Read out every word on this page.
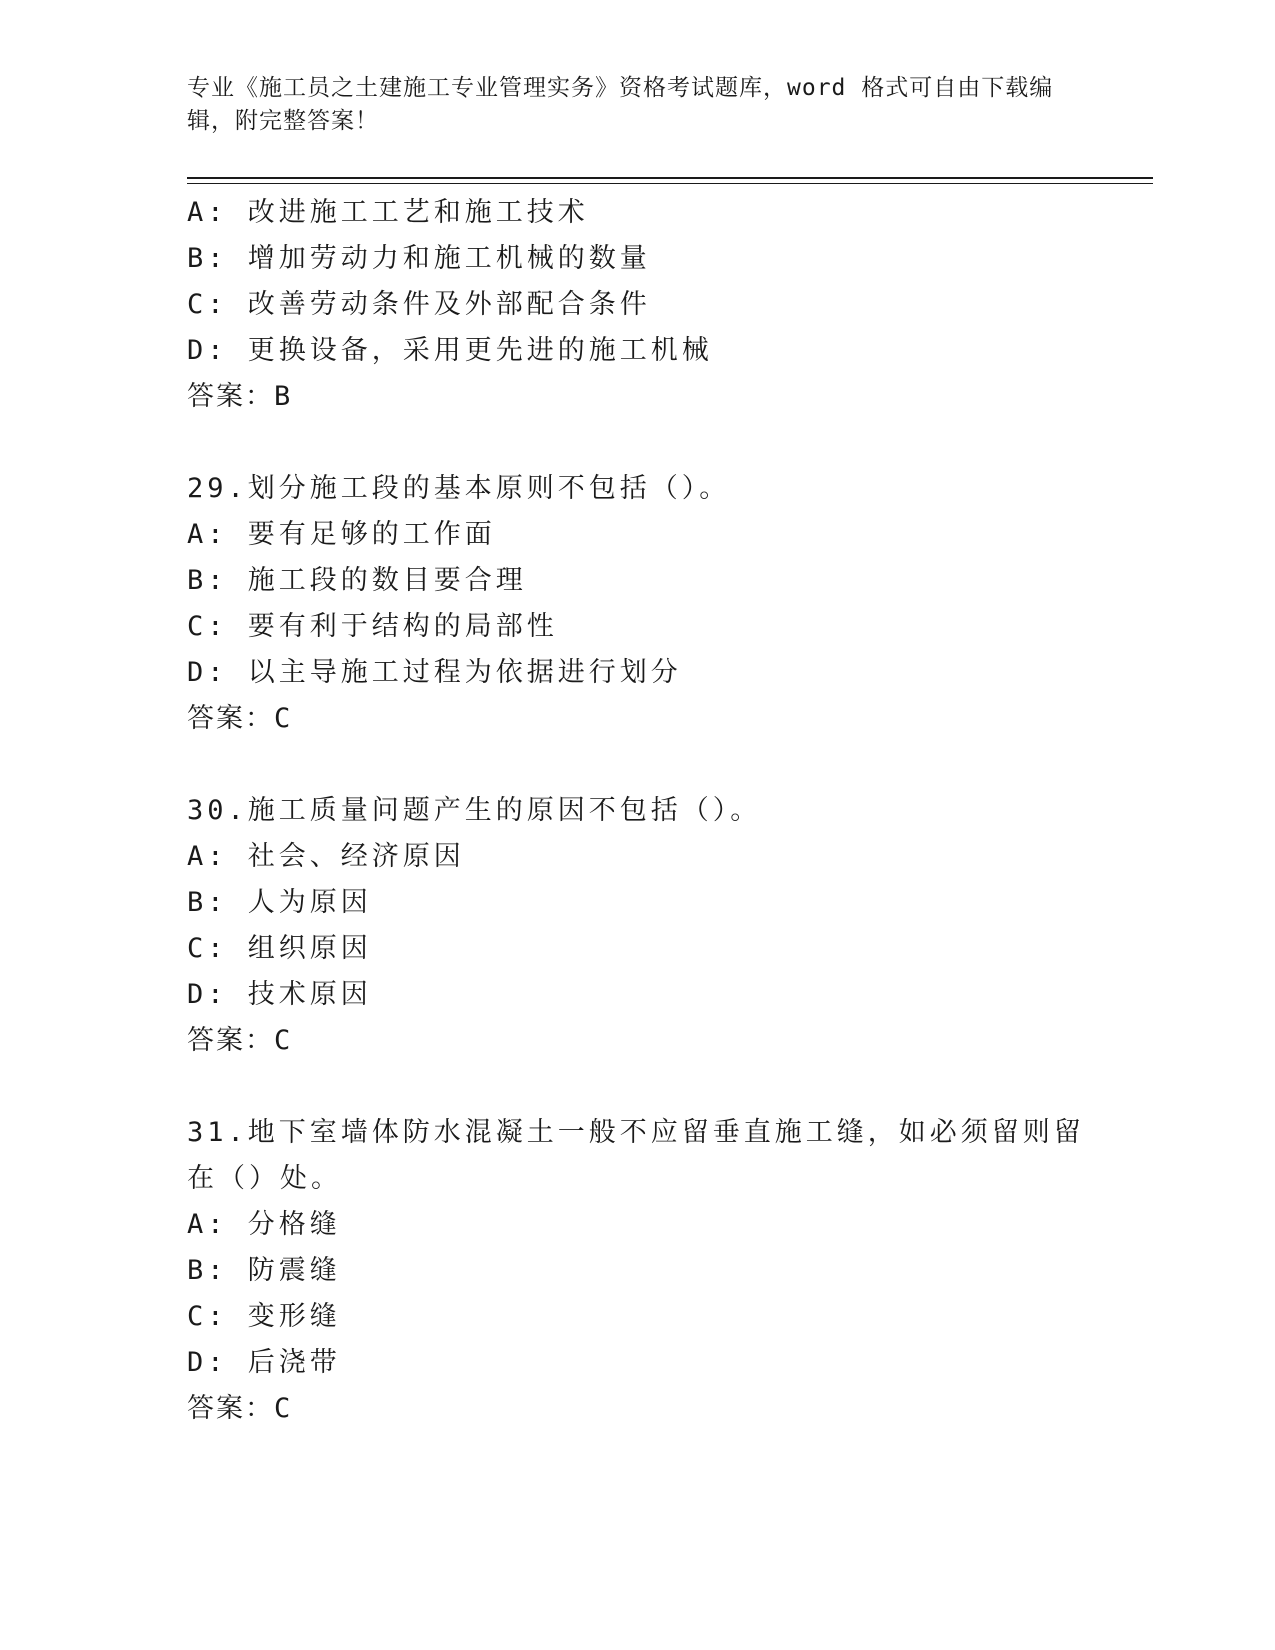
专业《施工员之土建施工专业管理实务》资格考试题库，word 格式可自由下载编辑，附完整答案！
A: 改进施工工艺和施工技术
B: 增加劳动力和施工机械的数量
C: 改善劳动条件及外部配合条件
D: 更换设备，采用更先进的施工机械
答案：B
29.划分施工段的基本原则不包括（）。
A: 要有足够的工作面
B: 施工段的数目要合理
C: 要有利于结构的局部性
D: 以主导施工过程为依据进行划分
答案：C
30.施工质量问题产生的原因不包括（）。
A: 社会、经济原因
B: 人为原因
C: 组织原因
D: 技术原因
答案：C
31.地下室墙体防水混凝土一般不应留垂直施工缝，如必须留则留在（）处。
A: 分格缝
B: 防震缝
C: 变形缝
D: 后浇带
答案：C
